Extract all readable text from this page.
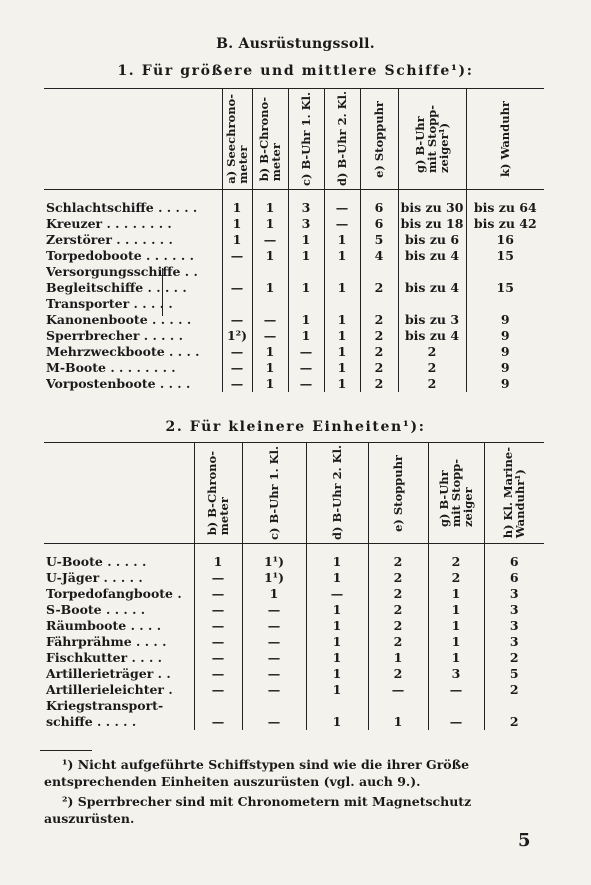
B. Ausrüstungssoll.
1. Für größere und mittlere Schiffe¹):

	a) Seechrono-
meter	b) B-Chrono-
meter	c) B-Uhr 1. Kl.	d) B-Uhr 2. Kl.	e) Stoppuhr	g) B-Uhr
mit Stopp-
zeiger¹)	k) Wanduhr

Schlachtschiffe . . . . .	1	1	3	—	6	bis zu 30	bis zu 64
Kreuzer . . . . . . . .	1	1	3	—	6	bis zu 18	bis zu 42
Zerstörer . . . . . . .	1	—	1	1	5	bis zu 6	16
Torpedoboote . . . . . .	—	1	1	1	4	bis zu 4	15
Versorgungsschiffe . .							
Begleitschiffe . . . . .	—	1	1	1	2	bis zu 4	15
Transporter . . . . .							
Kanonenboote . . . . .	—	—	1	1	2	bis zu 3	9
Sperrbrecher . . . . .	1²)	—	1	1	2	bis zu 4	9
Mehrzweckboote . . . .	—	1	—	1	2	2	9
M-Boote . . . . . . . .	—	1	—	1	2	2	9
Vorpostenboote . . . .	—	1	—	1	2	2	9
2. Für kleinere Einheiten¹):

	b) B-Chrono-
meter	c) B-Uhr 1. Kl.	d) B-Uhr 2. Kl.	e) Stoppuhr	g) B-Uhr
mit Stopp-
zeiger	h) Kl. Marine-
Wanduhr¹)

U-Boote . . . . .	1	1¹)	1	2	2	6
U-Jäger . . . . .	—	1¹)	1	2	2	6
Torpedofangboote .	—	1	—	2	1	3
S-Boote . . . . .	—	—	1	2	1	3
Räumboote . . . .	—	—	1	2	1	3
Fährprähme . . . .	—	—	1	2	1	3
Fischkutter . . . .	—	—	1	1	1	2
Artillerieträger . .	—	—	1	2	3	5
Artillerieleichter .	—	—	1	—	—	2
Kriegstransport-						
schiffe . . . . .	—	—	1	1	—	2
¹) Nicht aufgeführte Schiffstypen sind wie die ihrer Größe entsprechenden Einheiten auszurüsten (vgl. auch 9.).
²) Sperrbrecher sind mit Chronometern mit Magnetschutz auszurüsten.
5
